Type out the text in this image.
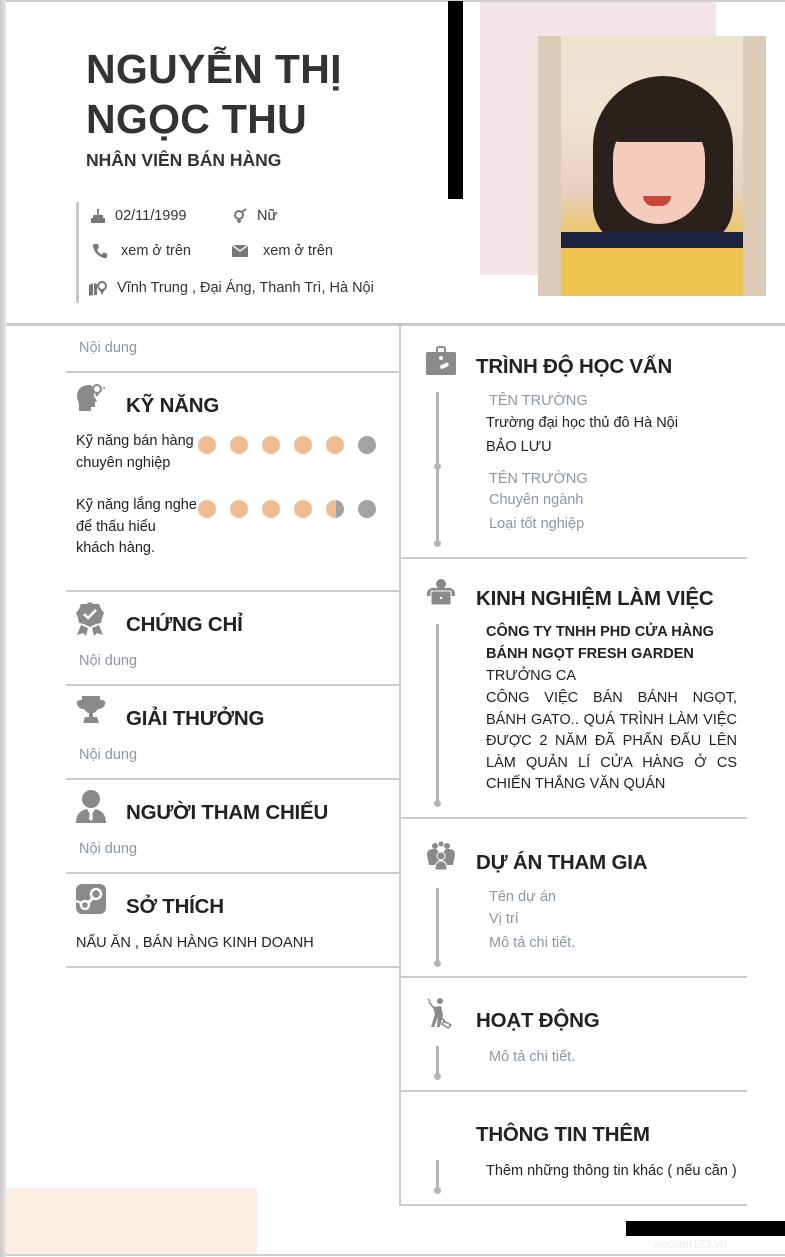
NGUYỄN THỊ
NGỌC THU
NHÂN VIÊN BÁN HÀNG
02/11/1999	Nữ
xem ở trên	xem ở trên
Vĩnh Trung , Đại Áng, Thanh Trì, Hà Nội
Nội dung
KỸ NĂNG
Kỹ năng bán hàng chuyên nghiệp
Kỹ năng lắng nghe để thấu hiểu khách hàng.
CHỨNG CHỈ
Nội dung
GIẢI THƯỞNG
Nội dung
NGƯỜI THAM CHIẾU
Nội dung
SỞ THÍCH
NẤU ĂN , BÁN HÀNG KINH DOANH
TRÌNH ĐỘ HỌC VẤN
TÊN TRƯỜNG
Trường đại học thủ đô Hà Nội
BẢO LƯU
TÊN TRƯỜNG
Chuyên ngành
Loại tốt nghiệp
KINH NGHIỆM LÀM VIỆC
CÔNG TY TNHH PHD CỬA HÀNG
BÁNH NGỌT FRESH GARDEN
TRƯỞNG CA
CÔNG VIỆC BÁN BÁNH NGỌT, BÁNH GATO.. QUÁ TRÌNH LÀM VIỆC ĐƯỢC 2 NĂM ĐÃ PHẤN ĐẤU LÊN LÀM QUẢN LÍ CỬA HÀNG Ở CS CHIẾN THẮNG VĂN QUÁN
DỰ ÁN THAM GIA
Tên dự án
Vị trí
Mô tả chi tiết.
HOẠT ĐỘNG
Mô tả chi tiết.
THÔNG TIN THÊM
Thêm những thông tin khác ( nếu cần )
vieclam123.vn
